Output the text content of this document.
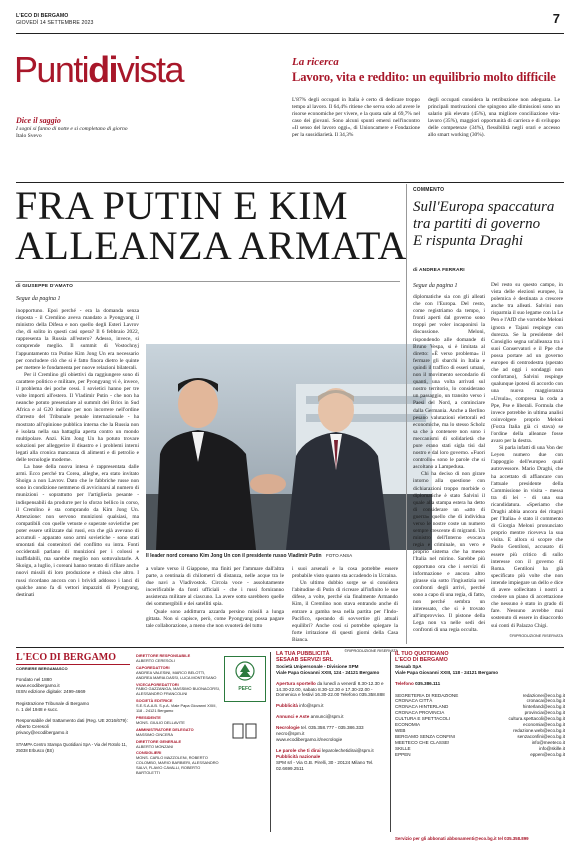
L'ECO DI BERGAMO
GIOVEDÌ 14 SETTEMBRE 2023	7
Puntidivista
Dice il saggio
I sogni si fanno di notte e si completano di giorno
Italo Svevo
La ricerca
Lavoro, vita e reddito: un equilibrio molto difficile
L'87% degli occupati in Italia è certo di dedicare troppo tempo al lavoro. Il 64,4% ritiene che serva solo ad avere le risorse economiche per vivere, e la quota sale al 69,7% nel caso dei giovani. Sono alcuni spunti emersi nell'incontro «Il senso del lavoro oggi», di Unioncamere e Fondazione per la sussidiarietà. Il 34,3%
degli occupati considera la retribuzione non adeguata. Le principali motivazioni che spingono alle dimissioni sono un salario più elevato (45%), una migliore conciliazione vita-lavoro (35%), maggiori opportunità di carriera e di sviluppo delle competenze (34%), flessibilità negli orari e accesso allo smart working (30%).
FRA PUTIN E KIM
ALLEANZA ARMATA
di GIUSEPPE D'AMATO
Segue da pagina 1

inopportuno. Epoi perché - era la domanda senza risposta - il Cremlino aveva mandato a Pyongyang il ministro della Difesa e non quello degli Esteri Lavrov che, di solito in questi casi opera? Il 6 febbraio 2022, rappresenta la Russia all'estero? Adesso, invece, si comprende meglio. Il summit di Vostochnyj l'appuntamento tra Putine Kim Jong Un era necessario per concludere ciò che si è fatto finora dietro le quinte per mettere le fondamenta per nuove relazioni bilaterali.

Per il Cremlino gli obiettivi da raggiungere sono di carattere politico e militare, per Pyongyang vi è, invece, il problema dei poche cessi. I sovietici hanno per tre volte importi all'estero. Il Vladimir Putin - che non ha neanche potuto presenziare al summit dei Brics in Sud Africa e al G20 indiano per non incorrere nell'ordine d'arresto del Tribunale penale internazionale - ha mostrato all'opinione pubblica interna che la Russia non è isolata nella sua battaglia aperta contro un mondo multipolare. Anzi. Kim Jong Un ha potuto trovare soluzioni per alleggerire il disastro e i problemi interni legati alla cronica mancanza di alimenti e di petrolio e delle tecnologie moderne.

La base della nuova intesa è rappresentata dalle armi. Ecco perché tra Corea, alleghe, era stato invitato Shoigu a non Lavrov. Dato che le fabbriche russe non sono in condizione nemmeno di avvicinarsi al numero di munizioni - soprattutto per l'artiglieria pesante - indispensabili da produrre per lo sforzo bellico in corso, il Cremlino è sta comprando da Kim Jong Un. Attenzione: non servono munizioni qualsiasi, ma compatibili con quelle vetuste e superate sovietiche per poter essere utilizzate dai russi, era che già avevano di accumuli - apparato sono armi sovietiche - sono stati smontati dai contenitori del conflitto su intra. Fonti occidentali parlano di munizioni per i colossi e inaffidabili, ma sarebbe meglio non sottovalutarle. A Skoigu, a luglio, i coreani hanno tentato di rifilare anche nuovi missili di loro produzione e chissà che altro. I russi ricordano ancora con i brividi addosso i lanci di qualche anno fa di vettori impazziti di Pyongyang, destinati

Il leader nord coreano Kim Jong Un con il presidente russo Vladimir Putin FOTO ANSA

a volare verso il Giappone, ma finiti per l'ammare dall'altra parte, a centinaia di chilometri di distanza, nelle acque tra le due navi a Vladivostok. Circola voce - assolutamente incerificabile da fonti ufficiali - che i russi forniranno assistenza militare al ciascuno. La avere sotto sarebbero quelle dei sommergibili e dei satelliti spia.

Quale sono additturra azzarda persino missili a lunga gittata. Non si capisce, però, come Pyongyang possa pagare tale collaborazione, a meno che non svuoterà del tutto

i suoi arsenali e la cosa potrebbe essere probabile visto quanto sta accadendo in Ucraina.

Un ultimo dubbio sorge se si considera l'abitudine di Putin di ricreare all'infinito le sue difese, a volte, perché sia finalmente Armando Kim, il Cremlino non stava entrando anche di entrare a gamba tesa nella partita per l'Indo-Pacifico, sperando di sovvertire gli attuali equilibri? Anche cosi si potrebbe spiegare la forte irritazione di questi giorni della Casa Bianca.

©RIPRODUZIONE RISERVATA
COMMENTO
Sull'Europa spaccatura
tra partiti di governo
E rispunta Draghi
di ANDREA FERRARI
Segue da pagina 1

diplomatiche sia con gli alleati che con l'Europa. Del resto, come registriamo da tempo, i fronti aperti dal governo sono troppi per voler incaponirsi la discussione. Meloni, rispondendo alle domande di Bruno Vespa, si è limitata al diretto: «È verso problema» il fermare gli sbarchi in Italia e quindi il traffico di esseri umani, non il movimento secondario di quanti, una volta arrivati sul nostro territorio, lo considerano un passaggio, un transito verso i Paesi del Nord, a cominciare dalla Germania. Anche a Berlino pesano valutazioni elettorali ed economiche, ma lo stesso Scholz sa che a contenere non sono i meccanismi di solidarietà che pure erano stati sigla tisi dal nostro e dal loro governo. «Fuori controllo» sono le parole che si ascoltano a Lampedusa.

Chi ha deciso di non girare intorno alla questione con dichiarazioni troppo morbide o diplomatiche è stato Salvini il quale alla stampa estera ha detto di considerare un «atto di guerra» quello che di individua verso le nostre coste un numero sempre crescente di migranti. Un ministro dell'Interno evocava regia e criminale, un vero e proprio sistema che ha messo l'Italia nel mirino. Sarebbe più opportuno ora che i servizi di informazione e ancora altro girasse sia sotto l'ingiustizia nei confronti degli arrivi, perché sono a capo di una regia, di fatto, non perché sembra un interessato, che si è trovato all'improvviso. Il pistone della Lega non va nelle sedi dei confronti di una regia occulta.

Del resto su questo campo, in vista delle elezioni europee, la polemica è destinata a crescere anche tra alleati. Salvini non risparmia il suo legame con la Le Pen e l'AfD che vorrebbe Meloni ignora e Tajani respinge con durezza. Se la presidente del Consiglio segna un'alleanza tra i suoi Conservatori e il Ppe che possa portare ad un governo europeo di centrodestra (sperato che ad oggi i sondaggi non confortano), Salvini respinge qualunque ipotesi di accordo con una nuova maggioranza «Ursula», compresa la coda a Ppe, Pse e liberali. Formula che invece potrebbe in ultima analisi coinvolgere proprio Meloni (Forza Italia già ci stava) se l'ordine della alleanze fosse avaro per la destra.

Si parla infatti di una Von der Leyen numero due con l'appoggio dell'europeo quali autrovessore. Mario Draghi, che ha accettato di affiancare con l'attuale presidente della Commissione in visita - messa tra di lei - di una sua ricandidatura. «Speriamo che Draghi abbia ancora dei ritagni per l'Italia» è stato il commento di Giorgia Meloni pronunciato proprio mentre riceveva la sua visita. E allora si scopre che Paolo Gentiloni, accusato di essere più critico di sullo interesse con il governo di Roma. Gentiloni ha già specificato più volte che non intende impiegare un dello e dice di avere sollecitato i nostri a credere un piano di accettazione che nessuno è stato in grado di fare. Nessuno avrebbe mai sostenuto di essere in disaccordo sui conti di Palazzo Chigi.

©RIPRODUZIONE RISERVATA
L'ECO DI BERGAMO
CORRIERE BERGAMASCO
Fondato nel 1880
www.ecodibergamo.it
ISSN edizione digitale: 2499-4669
Registrazione Tribunale di Bergamo
n. 1 del 1948 e succ.
Responsabile del trattamento dati (Reg. UE 2016/679): Alberto Ceresoli
privacy@ecodibergamo.it
STAMPA Centro Stampa Quotidiani SpA - Via del Rotolo 11, 25038 Erbusco (BS)
DIRETTORE RESPONSABILE
ALBERTO CERESOLI
CAPOREDATTORI
ANDREA VALESINI, MARCO BELOTTI, ANDREA MARIA DASSI, LUCA MONTESANO
VICECAPOREDATTORI
FABIO GAZZANIGA, MASSIMO BUONACORSI, ALESSANDRO FRANCOLINI
SOCIETÀ EDITRICE
S.E.S.A.A.B. S.p.A. Viale Papa Giovanni XXIII, 118 - 24121 Bergamo
PRESIDENTE
MONS. GIULIO DELLAVITE
AMMINISTRATORE DELEGATO
MASSIMO CINCERA
DIRETTORE GENERALE
ALBERTO MONZANI
CONSIGLIERI
MONS. CARLO MAZZOLENI, ROBERTO COLOMBO, MARIO BARBIERI, ALESSANDRO SALVI, FLAVIO CAVALLI, ROBERTO BARTOLETTI
PEFC
LA TUA PUBBLICITÀ
SESAAB SERVIZI SRL
Società Unipersonale - Divisione SPM
Viale Papa Giovanni XXIII, 124 - 24121 Bergamo
Apertura sportello da lunedì a venerdì 8.30-12.30 e 14.30-22.00, sabato 8.30-12.30 e 17.30-22.00 - Domenica e festivi 16.30-22.00 Telefono 035.358.888
Pubblicità info@spm.it
Annunci e Aste annunci@spm.it
Necrologie tel. 035.358.777 - 035.386.333 necro@spm.it
www.ecodibergamo.it/necrologie
Le parole che ti dirai leparolechetidirai@spm.it
Pubblicità nazionale
SPM srl - Via G.B. Pirelli, 30 - 20124 Milano Tel. 02.6699.2511
IL TUO QUOTIDIANO
L'ECO DI BERGAMO
Sesaab SpA
Viale Papa Giovanni XXIII, 118 - 24121 Bergamo
Telefono 035.386.111
SEGRETERIA DI REDAZIONE	redazione@eco.bg.it
CRONACA CITTÀ	cronaca@eco.bg.it
CRONACA HINTERLAND	hinterland@eco.bg.it
CRONACA PROVINCIA	provincia@eco.bg.it
CULTURA E SPETTACOLI	cultura.spettacoli@eco.bg.it
ECONOMIA	economia@eco.bg.it
WEB	redazione.web@eco.bg.it
BERGAMO SENZA CONFINI	senzaconfini@eco.bg.it
MEETECO CHE CLASSE!	info@meeteco.it
SKILLE	info@skille.it
EPPEN	eppen@eco.bg.it
Servizio per gli abbonati abbonamenti@eco.bg.it tel 035.358.899
